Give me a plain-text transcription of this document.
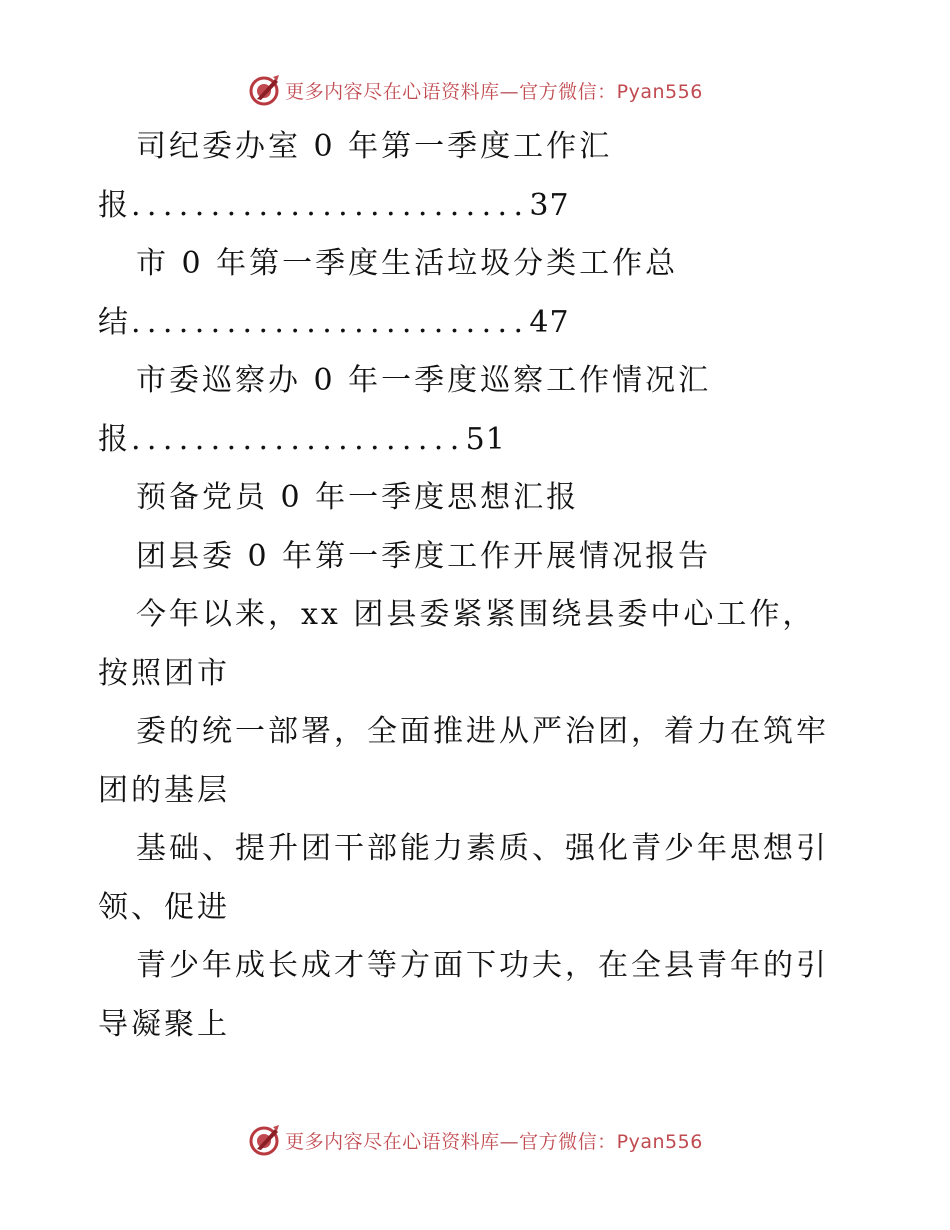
更多内容尽在心语资料库—官方微信：Pyan556
司纪委办室 0 年第一季度工作汇
报.........................37
市 0 年第一季度生活垃圾分类工作总
结.........................47
市委巡察办 0 年一季度巡察工作情况汇
报.....................51
预备党员 0 年一季度思想汇报
团县委 0 年第一季度工作开展情况报告
今年以来，xx 团县委紧紧围绕县委中心工作，
按照团市
委的统一部署，全面推进从严治团，着力在筑牢
团的基层
基础、提升团干部能力素质、强化青少年思想引
领、促进
青少年成长成才等方面下功夫，在全县青年的引
导凝聚上
更多内容尽在心语资料库—官方微信：Pyan556
